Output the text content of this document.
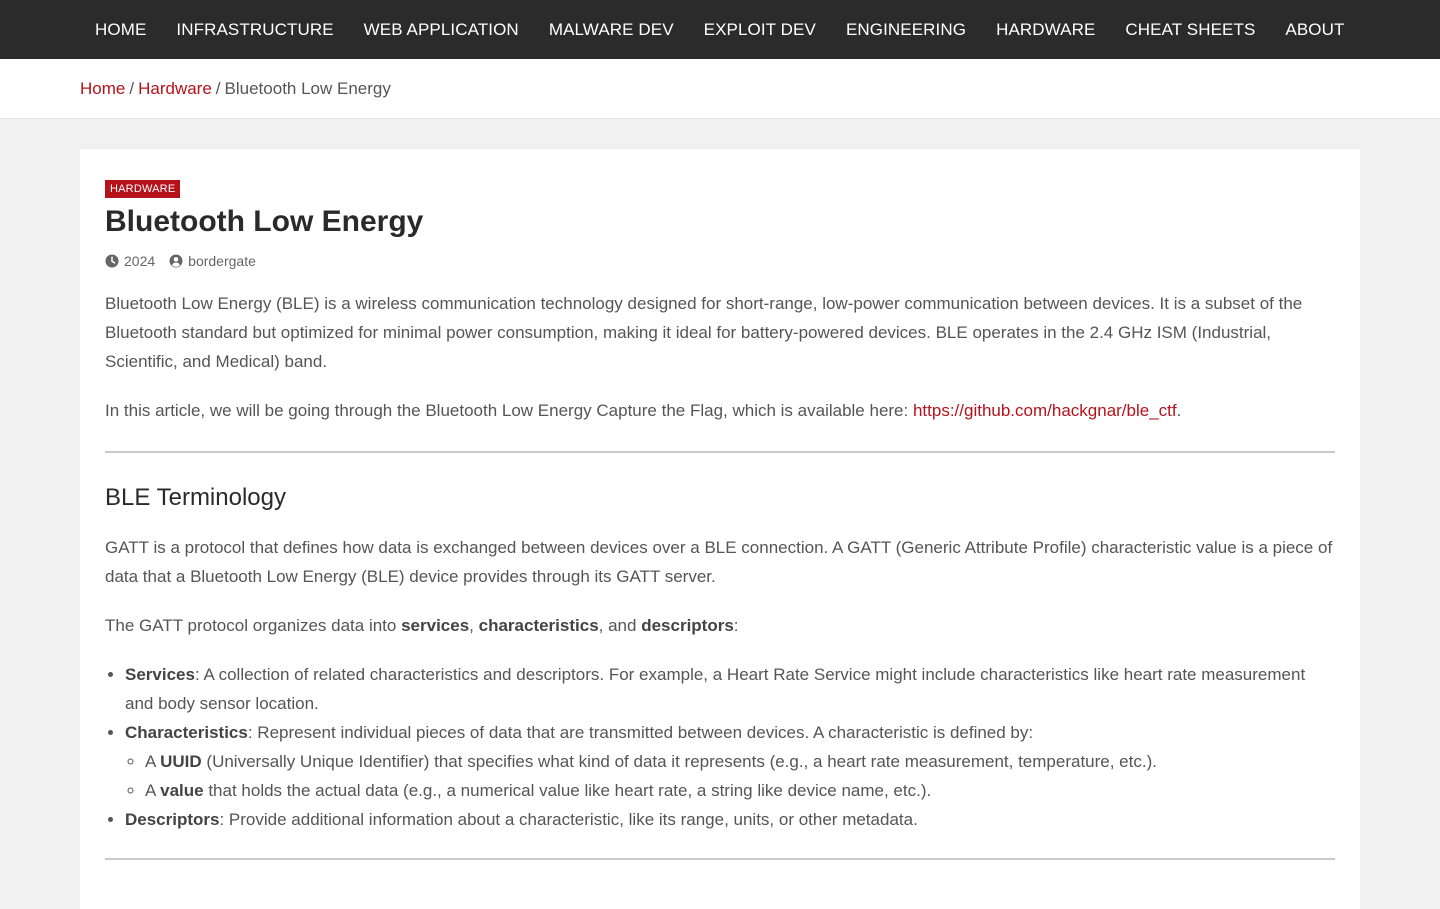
HOME	INFRASTRUCTURE	WEB APPLICATION	MALWARE DEV	EXPLOIT DEV	ENGINEERING	HARDWARE	CHEAT SHEETS	ABOUT
Home / Hardware / Bluetooth Low Energy
HARDWARE
Bluetooth Low Energy
2024 bordergate

Bluetooth Low Energy (BLE) is a wireless communication technology designed for short-range, low-power communication between devices. It is a subset of the Bluetooth standard but optimized for minimal power consumption, making it ideal for battery-powered devices. BLE operates in the 2.4 GHz ISM (Industrial, Scientific, and Medical) band.

In this article, we will be going through the Bluetooth Low Energy Capture the Flag, which is available here: https://github.com/hackgnar/ble_ctf.

BLE Terminology

GATT is a protocol that defines how data is exchanged between devices over a BLE connection. A GATT (Generic Attribute Profile) characteristic value is a piece of data that a Bluetooth Low Energy (BLE) device provides through its GATT server.

The GATT protocol organizes data into services, characteristics, and descriptors:

• Services: A collection of related characteristics and descriptors. For example, a Heart Rate Service might include characteristics like heart rate measurement and body sensor location.
• Characteristics: Represent individual pieces of data that are transmitted between devices. A characteristic is defined by:
◦ A UUID (Universally Unique Identifier) that specifies what kind of data it represents (e.g., a heart rate measurement, temperature, etc.).
◦ A value that holds the actual data (e.g., a numerical value like heart rate, a string like device name, etc.).
• Descriptors: Provide additional information about a characteristic, like its range, units, or other metadata.
